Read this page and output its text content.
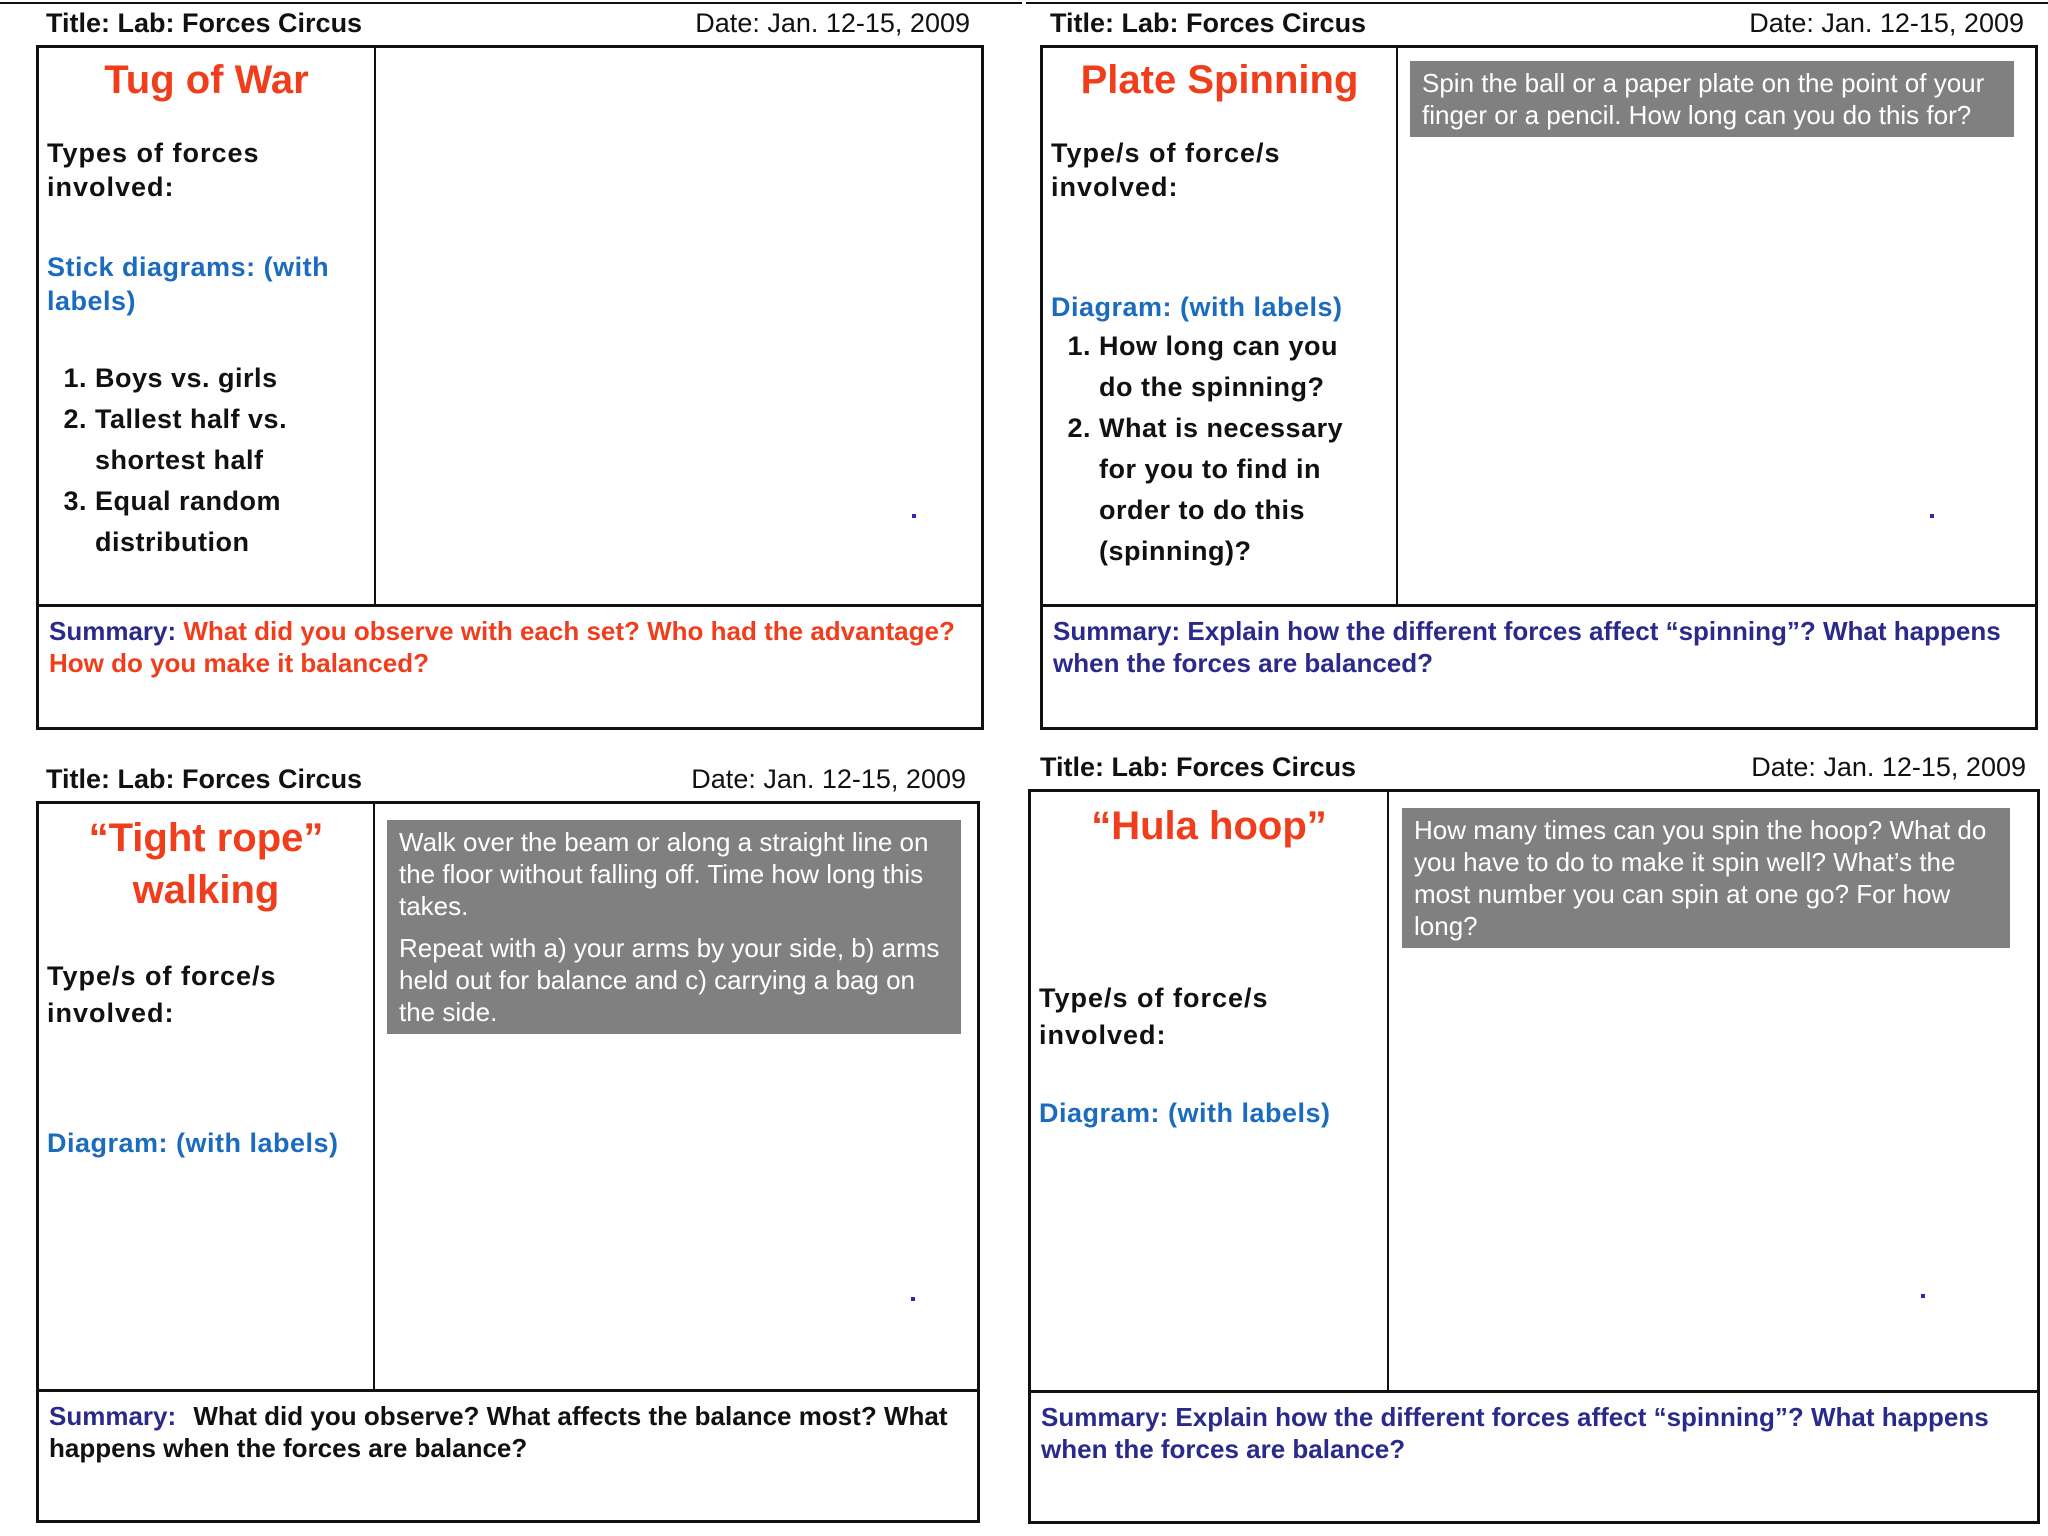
Title: Lab: Forces Circus	Date: Jan. 12-15, 2009
Tug of War
Types of forces involved:
Stick diagrams: (with labels)
1. Boys vs. girls
2. Tallest half vs. shortest half
3. Equal random distribution
Summary: What did you observe with each set? Who had the advantage? How do you make it balanced?
Title: Lab: Forces Circus	Date: Jan. 12-15, 2009
Plate Spinning
Type/s of force/s involved:
Diagram: (with labels)
1. How long can you do the spinning?
2. What is necessary for you to find in order to do this (spinning)?

Spin the ball or a paper plate on the point of your finger or a pencil. How long can you do this for?

Summary: Explain how the different forces affect “spinning”? What happens when the forces are balanced?
Title: Lab: Forces Circus	Date: Jan. 12-15, 2009
“Tight rope” walking
Type/s of force/s involved:
Diagram: (with labels)

Walk over the beam or along a straight line on the floor without falling off. Time how long this takes.

Repeat with a) your arms by your side, b) arms held out for balance and c) carrying a bag on the side.

Summary: What did you observe? What affects the balance most? What happens when the forces are balance?
Title: Lab: Forces Circus	Date: Jan. 12-15, 2009
“Hula hoop”
Type/s of force/s involved:
Diagram: (with labels)

How many times can you spin the hoop? What do you have to do to make it spin well? What’s the most number you can spin at one go? For how long?

Summary: Explain how the different forces affect “spinning”? What happens when the forces are balance?
